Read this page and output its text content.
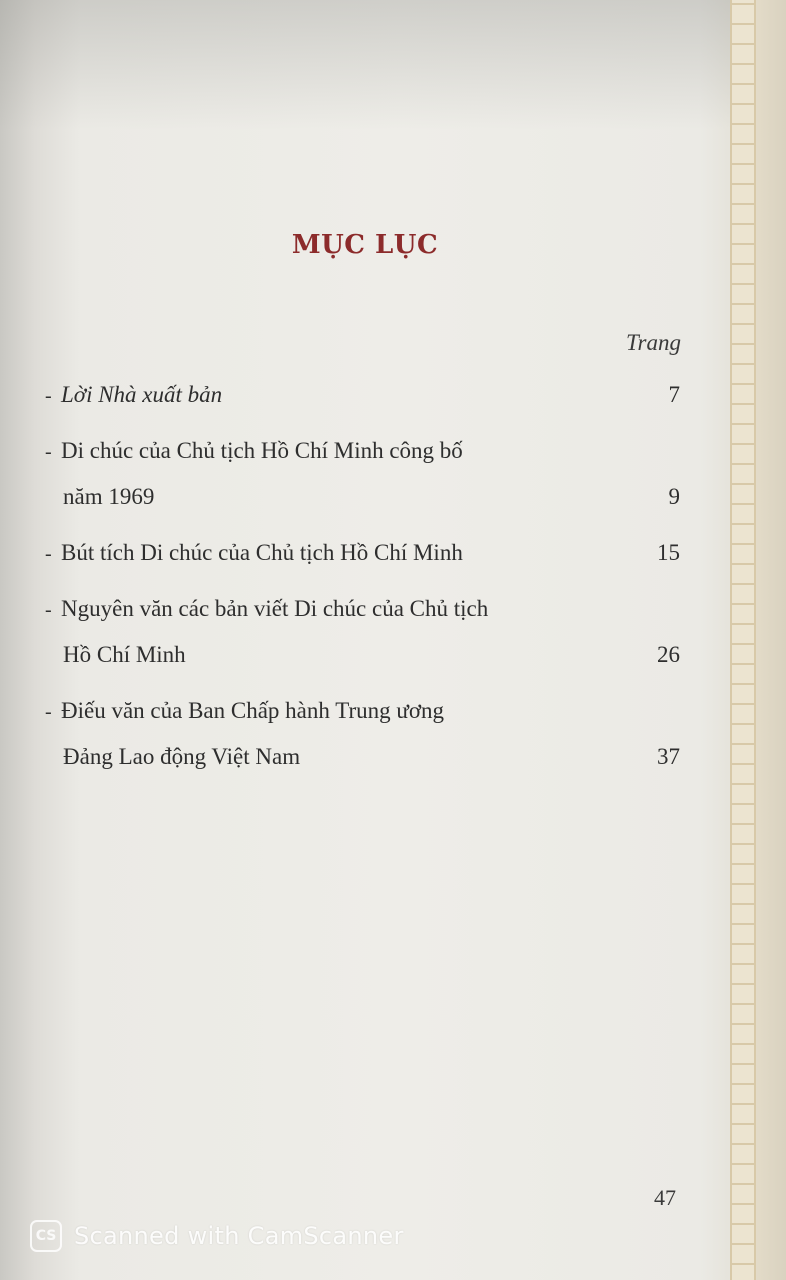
MỤC LỤC
Trang
- Lời Nhà xuất bản	7
- Di chúc của Chủ tịch Hồ Chí Minh công bố
năm 1969	9
- Bút tích Di chúc của Chủ tịch Hồ Chí Minh	15
- Nguyên văn các bản viết Di chúc của Chủ tịch
Hồ Chí Minh	26
- Điếu văn của Ban Chấp hành Trung ương
Đảng Lao động Việt Nam	37
47
CS Scanned with CamScanner
